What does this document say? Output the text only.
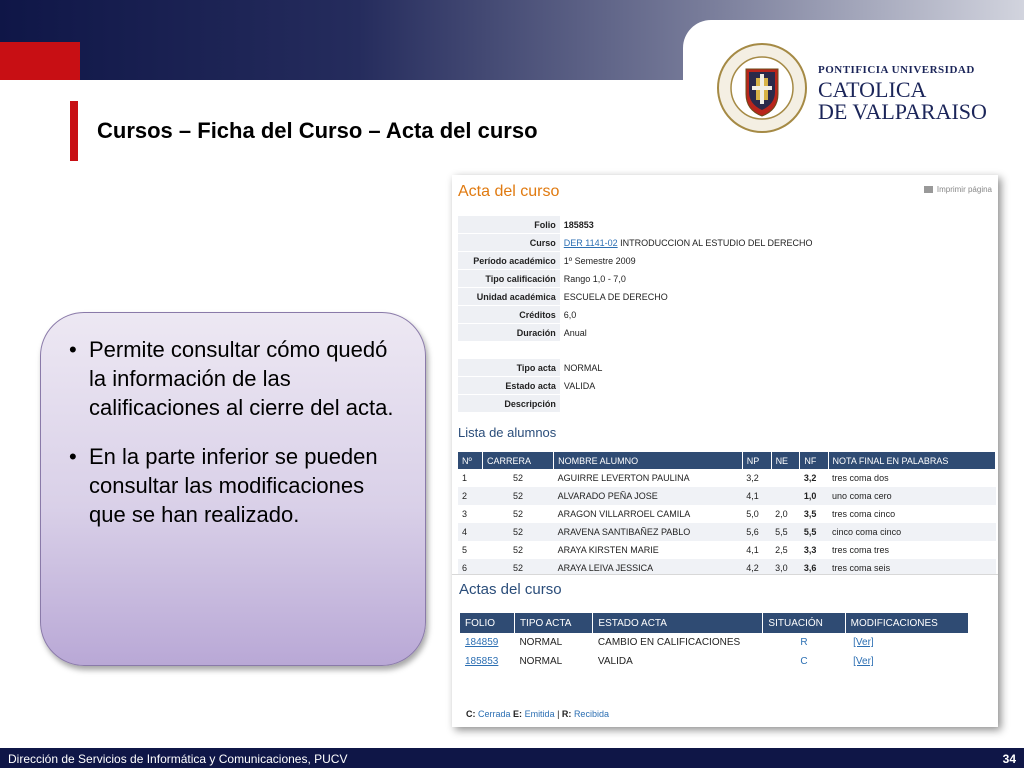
PONTIFICIA UNIVERSIDAD
CATOLICA
DE VALPARAISO
Cursos – Ficha del Curso – Acta del curso
• Permite consultar cómo quedó la información de las calificaciones al cierre del acta.
• En la parte inferior se pueden consultar las modificaciones que se han realizado.
Acta del curso	Imprimir página
Folio	185853
Curso	DER 1141-02 INTRODUCCION AL ESTUDIO DEL DERECHO
Período académico	1º Semestre 2009
Tipo calificación	Rango 1,0 - 7,0
Unidad académica	ESCUELA DE DERECHO
Créditos	6,0
Duración	Anual
Tipo acta	NORMAL
Estado acta	VALIDA
Descripción	
Lista de alumnos
Nº	CARRERA	NOMBRE ALUMNO	NP	NE	NF	NOTA FINAL EN PALABRAS
1	52	AGUIRRE LEVERTON PAULINA	3,2		3,2	tres coma dos
2	52	ALVARADO PEÑA JOSE	4,1		1,0	uno coma cero
3	52	ARAGON VILLARROEL CAMILA	5,0	2,0	3,5	tres coma cinco
4	52	ARAVENA SANTIBAÑEZ PABLO	5,6	5,5	5,5	cinco coma cinco
5	52	ARAYA KIRSTEN MARIE	4,1	2,5	3,3	tres coma tres
6	52	ARAYA LEIVA JESSICA	4,2	3,0	3,6	tres coma seis
Actas del curso
FOLIO	TIPO ACTA	ESTADO ACTA	SITUACIÓN	MODIFICACIONES
184859	NORMAL	CAMBIO EN CALIFICACIONES	R	[Ver]
185853	NORMAL	VALIDA	C	[Ver]
C: Cerrada E: Emitida | R: Recibida
Dirección de Servicios de Informática y Comunicaciones, PUCV	34
